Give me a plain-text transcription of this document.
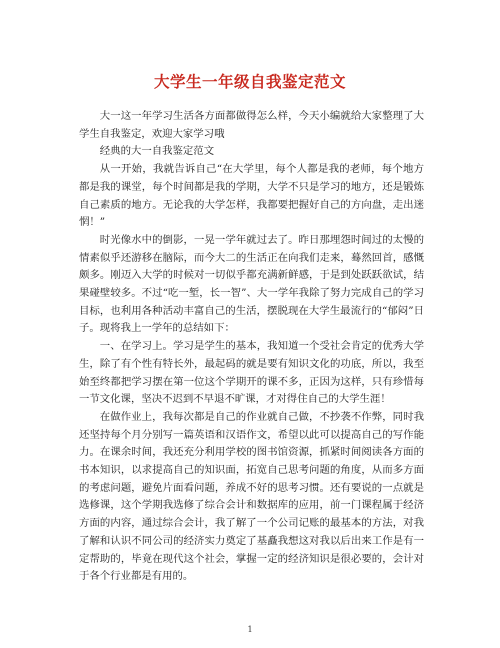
大学生一年级自我鉴定范文

大一这一年学习生活各方面都做得怎么样，今天小编就给大家整理了大学生自我鉴定，欢迎大家学习哦

经典的大一自我鉴定范文

从一开始，我就告诉自己“在大学里，每个人都是我的老师，每个地方都是我的课堂，每个时间都是我的学期，大学不只是学习的地方，还是锻炼自己素质的地方。无论我的大学怎样，我都要把握好自己的方向盘，走出迷惘！”

时光像水中的倒影，一晃一学年就过去了。昨日那埋怨时间过的太慢的情素似乎还游移在脑际，而今大二的生活正在向我们走来，蓦然回首，感慨颇多。刚迈入大学的时候对一切似乎都充满新鲜感，于是到处跃跃欲试，结果碰壁较多。不过“吃一堑，长一智”、大一学年我除了努力完成自己的学习目标，也利用各种活动丰富自己的生活，摆脱现在大学生最流行的“郁闷”日子。现将我上一学年的总结如下：

一、在学习上。学习是学生的基本，我知道一个受社会肯定的优秀大学生，除了有个性有特长外，最起码的就是要有知识文化的功底，所以，我至始至终都把学习摆在第一位这个学期开的课不多，正因为这样，只有珍惜每一节文化课，坚决不迟到不早退不旷课，才对得住自己的大学生涯！

在做作业上，我每次都是自己的作业就自己做，不抄袭不作弊，同时我还坚持每个月分别写一篇英语和汉语作文，希望以此可以提高自己的写作能力。在课余时间，我还充分利用学校的图书馆资源，抓紧时间阅读各方面的书本知识，以求提高自己的知识面，拓宽自己思考问题的角度，从而多方面的考虑问题，避免片面看问题，养成不好的思考习惯。还有要说的一点就是选修课，这个学期我选修了综合会计和数据库的应用，前一门课程属于经济方面的内容，通过综合会计，我了解了一个公司记账的最基本的方法，对我了解和认识不同公司的经济实力奠定了基矗我想这对我以后出来工作是有一定帮助的，毕竟在现代这个社会，掌握一定的经济知识是很必要的，会计对于各个行业都是有用的。

1
